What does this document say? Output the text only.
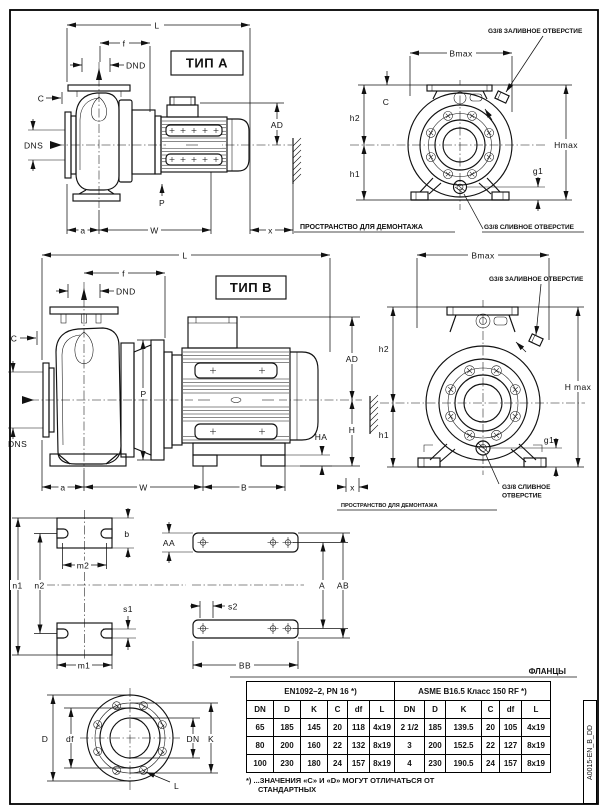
L
f
DND
C
DNS
AD
P
a	W	x	ПРОСТРАНСТВО ДЛЯ ДЕМОНТАЖА
ТИП A
Bmax
C
h2
h1
Hmax
g1
G3/8 ЗАЛИВНОЕ ОТВЕРСТИЕ
G3/8 СЛИВНОЕ ОТВЕРСТИЕ
L
f
DND
C
DNS
P
AD
H
HA
a	W	B	x
ПРОСТРАНСТВО ДЛЯ ДЕМОНТАЖА
ТИП B
Bmax
G3/8 ЗАЛИВНОЕ ОТВЕРСТИЕ
h2
h1
H max
g1
G3/8 СЛИВНОЕ
ОТВЕРСТИЕ
b
m2
n1 n2
s1
m1
AA
A AB
s2
BB
D df	DN K
L
ФЛАНЦЫ
EN1092–2, PN 16 *)						ASME B16.5 Класс 150 RF *)					
DN	D	K	C	df	L	DN	D	K	C	df	L
65	185	145	20	118	4x19	2 1/2	185	139.5	20	105	4x19
80	200	160	22	132	8x19	3	200	152.5	22	127	8x19
100	230	180	24	157	8x19	4	230	190.5	24	157	8x19
*) ...ЗНАЧЕНИЯ «C» И «D» МОГУТ ОТЛИЧАТЬСЯ ОТ
СТАНДАРТНЫХ
A0015-EN_B_DD
